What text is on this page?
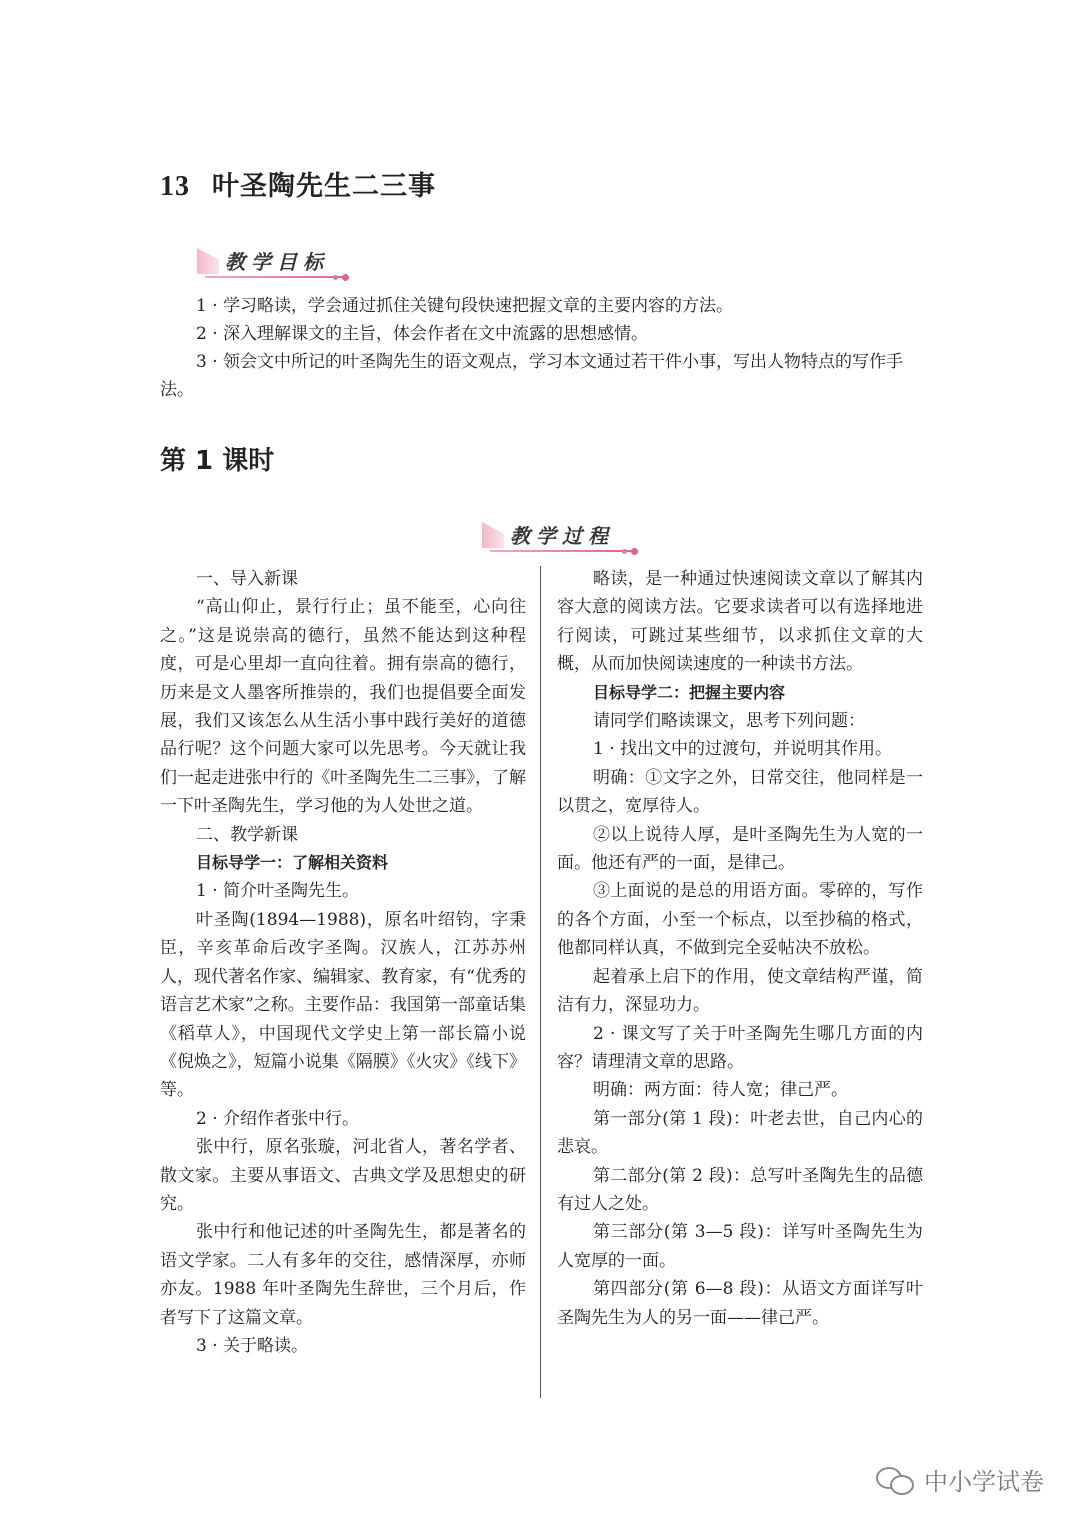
13 叶圣陶先生二三事
教学目标
1 · 学习略读，学会通过抓住关键句段快速把握文章的主要内容的方法。
2 · 深入理解课文的主旨，体会作者在文中流露的思想感情。
3 · 领会文中所记的叶圣陶先生的语文观点，学习本文通过若干件小事，写出人物特点的写作手法。
第 1 课时
教学过程

一、导入新课

“高山仰止，景行行止；虽不能至，心向往之。”这是说崇高的德行，虽然不能达到这种程度，可是心里却一直向往着。拥有崇高的德行，历来是文人墨客所推崇的，我们也提倡要全面发展，我们又该怎么从生活小事中践行美好的道德品行呢？这个问题大家可以先思考。今天就让我们一起走进张中行的《叶圣陶先生二三事》，了解一下叶圣陶先生，学习他的为人处世之道。

二、教学新课

目标导学一：了解相关资料

1 · 简介叶圣陶先生。

叶圣陶(1894—1988)，原名叶绍钧，字秉臣，辛亥革命后改字圣陶。汉族人，江苏苏州人，现代著名作家、编辑家、教育家，有“优秀的语言艺术家”之称。主要作品：我国第一部童话集《稻草人》，中国现代文学史上第一部长篇小说《倪焕之》，短篇小说集《隔膜》《火灾》《线下》等。

2 · 介绍作者张中行。

张中行，原名张璇，河北省人，著名学者、散文家。主要从事语文、古典文学及思想史的研究。

张中行和他记述的叶圣陶先生，都是著名的语文学家。二人有多年的交往，感情深厚，亦师亦友。1988 年叶圣陶先生辞世，三个月后，作者写下了这篇文章。

3 · 关于略读。

略读，是一种通过快速阅读文章以了解其内容大意的阅读方法。它要求读者可以有选择地进行阅读，可跳过某些细节，以求抓住文章的大概，从而加快阅读速度的一种读书方法。

目标导学二：把握主要内容

请同学们略读课文，思考下列问题：

1 · 找出文中的过渡句，并说明其作用。

明确：①文字之外，日常交往，他同样是一以贯之，宽厚待人。

②以上说待人厚，是叶圣陶先生为人宽的一面。他还有严的一面，是律己。

③上面说的是总的用语方面。零碎的，写作的各个方面，小至一个标点，以至抄稿的格式，他都同样认真，不做到完全妥帖决不放松。

起着承上启下的作用，使文章结构严谨，简洁有力，深显功力。

2 · 课文写了关于叶圣陶先生哪几方面的内容？请理清文章的思路。

明确：两方面：待人宽；律己严。

第一部分(第 1 段)：叶老去世，自己内心的悲哀。

第二部分(第 2 段)：总写叶圣陶先生的品德有过人之处。

第三部分(第 3—5 段)：详写叶圣陶先生为人宽厚的一面。

第四部分(第 6—8 段)：从语文方面详写叶圣陶先生为人的另一面——律己严。

中小学试卷
